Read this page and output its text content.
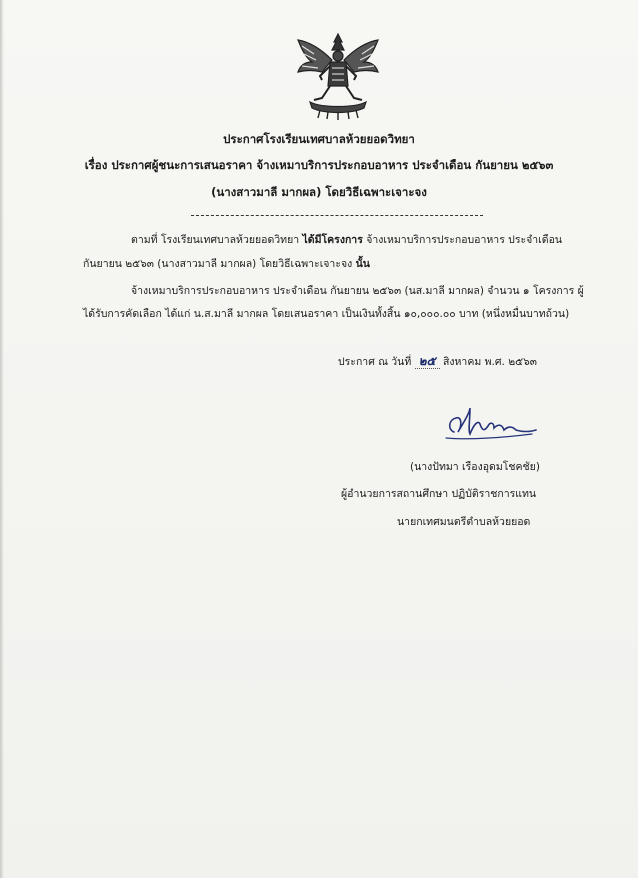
ประกาศโรงเรียนเทศบาลห้วยยอดวิทยา
เรื่อง ประกาศผู้ชนะการเสนอราคา จ้างเหมาบริการประกอบอาหาร ประจำเดือน กันยายน ๒๕๖๓
(นางสาวมาลี มากผล) โดยวิธีเฉพาะเจาะจง
ตามที่ โรงเรียนเทศบาลห้วยยอดวิทยา ได้มีโครงการ จ้างเหมาบริการประกอบอาหาร ประจำเดือน
กันยายน ๒๕๖๓ (นางสาวมาลี มากผล) โดยวิธีเฉพาะเจาะจง นั้น
จ้างเหมาบริการประกอบอาหาร ประจำเดือน กันยายน ๒๕๖๓ (นส.มาลี มากผล) จำนวน ๑ โครงการ ผู้
ได้รับการคัดเลือก ได้แก่ น.ส.มาลี มากผล โดยเสนอราคา เป็นเงินทั้งสิ้น ๑๐,๐๐๐.๐๐ บาท (หนึ่งหมื่นบาทถ้วน)
ประกาศ ณ วันที่ ๒๕ สิงหาคม พ.ศ. ๒๕๖๓
(นางปัทมา เรืองอุดมโชคชัย)
ผู้อำนวยการสถานศึกษา ปฏิบัติราชการแทน
นายกเทศมนตรีตำบลห้วยยอด
